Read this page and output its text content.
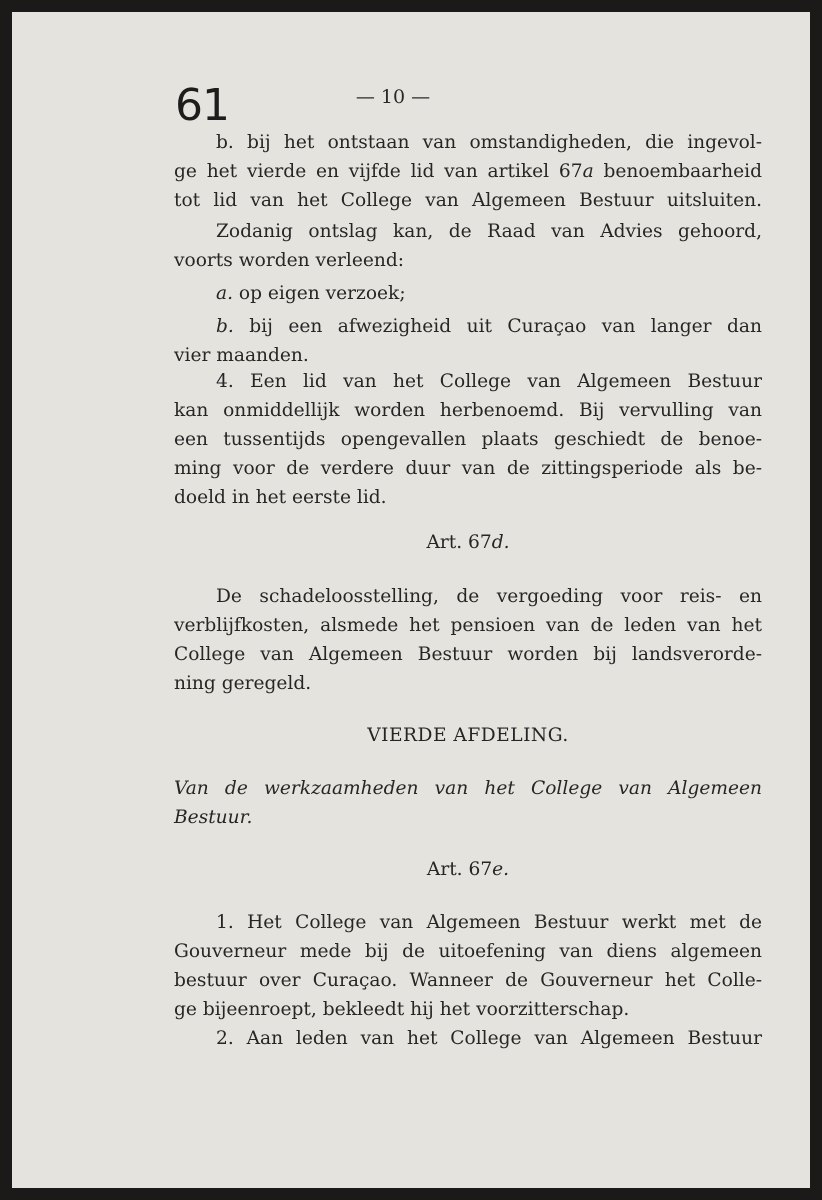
61	— 10 —

b. bij het ontstaan van omstandigheden, die ingevol-

ge het vierde en vijfde lid van artikel 67a benoembaarheid

tot lid van het College van Algemeen Bestuur uitsluiten.

Zodanig ontslag kan, de Raad van Advies gehoord,

voorts worden verleend:

a. op eigen verzoek;

b. bij een afwezigheid uit Curaçao van langer dan

vier maanden.

4. Een lid van het College van Algemeen Bestuur

kan onmiddellijk worden herbenoemd. Bij vervulling van

een tussentijds opengevallen plaats geschiedt de benoe-

ming voor de verdere duur van de zittingsperiode als be-

doeld in het eerste lid.

Art. 67d.

De schadeloosstelling, de vergoeding voor reis- en

verblijfkosten, alsmede het pensioen van de leden van het

College van Algemeen Bestuur worden bij landsverorde-

ning geregeld.

VIERDE AFDELING.

Van de werkzaamheden van het College van Algemeen

Bestuur.

Art. 67e.

1. Het College van Algemeen Bestuur werkt met de

Gouverneur mede bij de uitoefening van diens algemeen

bestuur over Curaçao. Wanneer de Gouverneur het Colle-

ge bijeenroept, bekleedt hij het voorzitterschap.

2. Aan leden van het College van Algemeen Bestuur
